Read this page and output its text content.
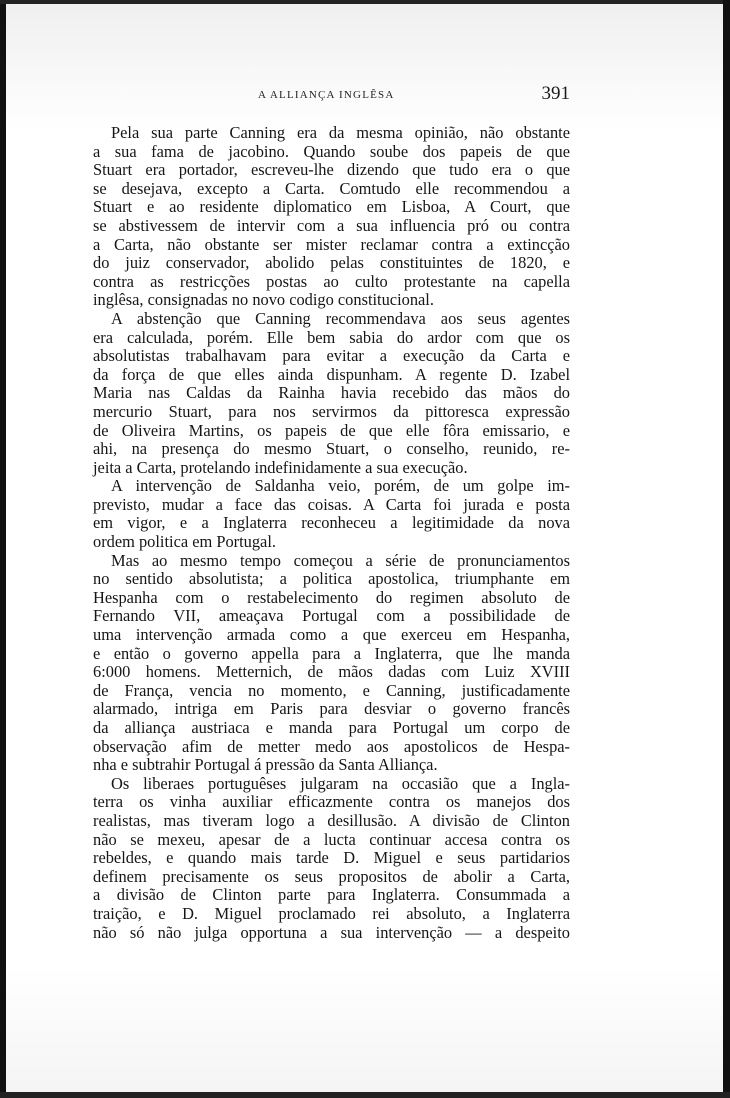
A ALLIANÇA INGLÊSA	391
Pela sua parte Canning era da mesma opinião, não obstante
a sua fama de jacobino. Quando soube dos papeis de que
Stuart era portador, escreveu-lhe dizendo que tudo era o que
se desejava, excepto a Carta. Comtudo elle recommendou a
Stuart e ao residente diplomatico em Lisboa, A Court, que
se abstivessem de intervir com a sua influencia pró ou contra
a Carta, não obstante ser mister reclamar contra a extincção
do juiz conservador, abolido pelas constituintes de 1820, e
contra as restricções postas ao culto protestante na capella
inglêsa, consignadas no novo codigo constitucional.
A abstenção que Canning recommendava aos seus agentes
era calculada, porém. Elle bem sabia do ardor com que os
absolutistas trabalhavam para evitar a execução da Carta e
da força de que elles ainda dispunham. A regente D. Izabel
Maria nas Caldas da Rainha havia recebido das mãos do
mercurio Stuart, para nos servirmos da pittoresca expressão
de Oliveira Martins, os papeis de que elle fôra emissario, e
ahi, na presença do mesmo Stuart, o conselho, reunido, re-
jeita a Carta, protelando indefinidamente a sua execução.
A intervenção de Saldanha veio, porém, de um golpe im-
previsto, mudar a face das coisas. A Carta foi jurada e posta
em vigor, e a Inglaterra reconheceu a legitimidade da nova
ordem politica em Portugal.
Mas ao mesmo tempo começou a série de pronunciamentos
no sentido absolutista; a politica apostolica, triumphante em
Hespanha com o restabelecimento do regimen absoluto de
Fernando VII, ameaçava Portugal com a possibilidade de
uma intervenção armada como a que exerceu em Hespanha,
e então o governo appella para a Inglaterra, que lhe manda
6:000 homens. Metternich, de mãos dadas com Luiz XVIII
de França, vencia no momento, e Canning, justificadamente
alarmado, intriga em Paris para desviar o governo francês
da alliança austriaca e manda para Portugal um corpo de
observação afim de metter medo aos apostolicos de Hespa-
nha e subtrahir Portugal á pressão da Santa Alliança.
Os liberaes portuguêses julgaram na occasião que a Ingla-
terra os vinha auxiliar efficazmente contra os manejos dos
realistas, mas tiveram logo a desillusão. A divisão de Clinton
não se mexeu, apesar de a lucta continuar accesa contra os
rebeldes, e quando mais tarde D. Miguel e seus partidarios
definem precisamente os seus propositos de abolir a Carta,
a divisão de Clinton parte para Inglaterra. Consummada a
traição, e D. Miguel proclamado rei absoluto, a Inglaterra
não só não julga opportuna a sua intervenção — a despeito
